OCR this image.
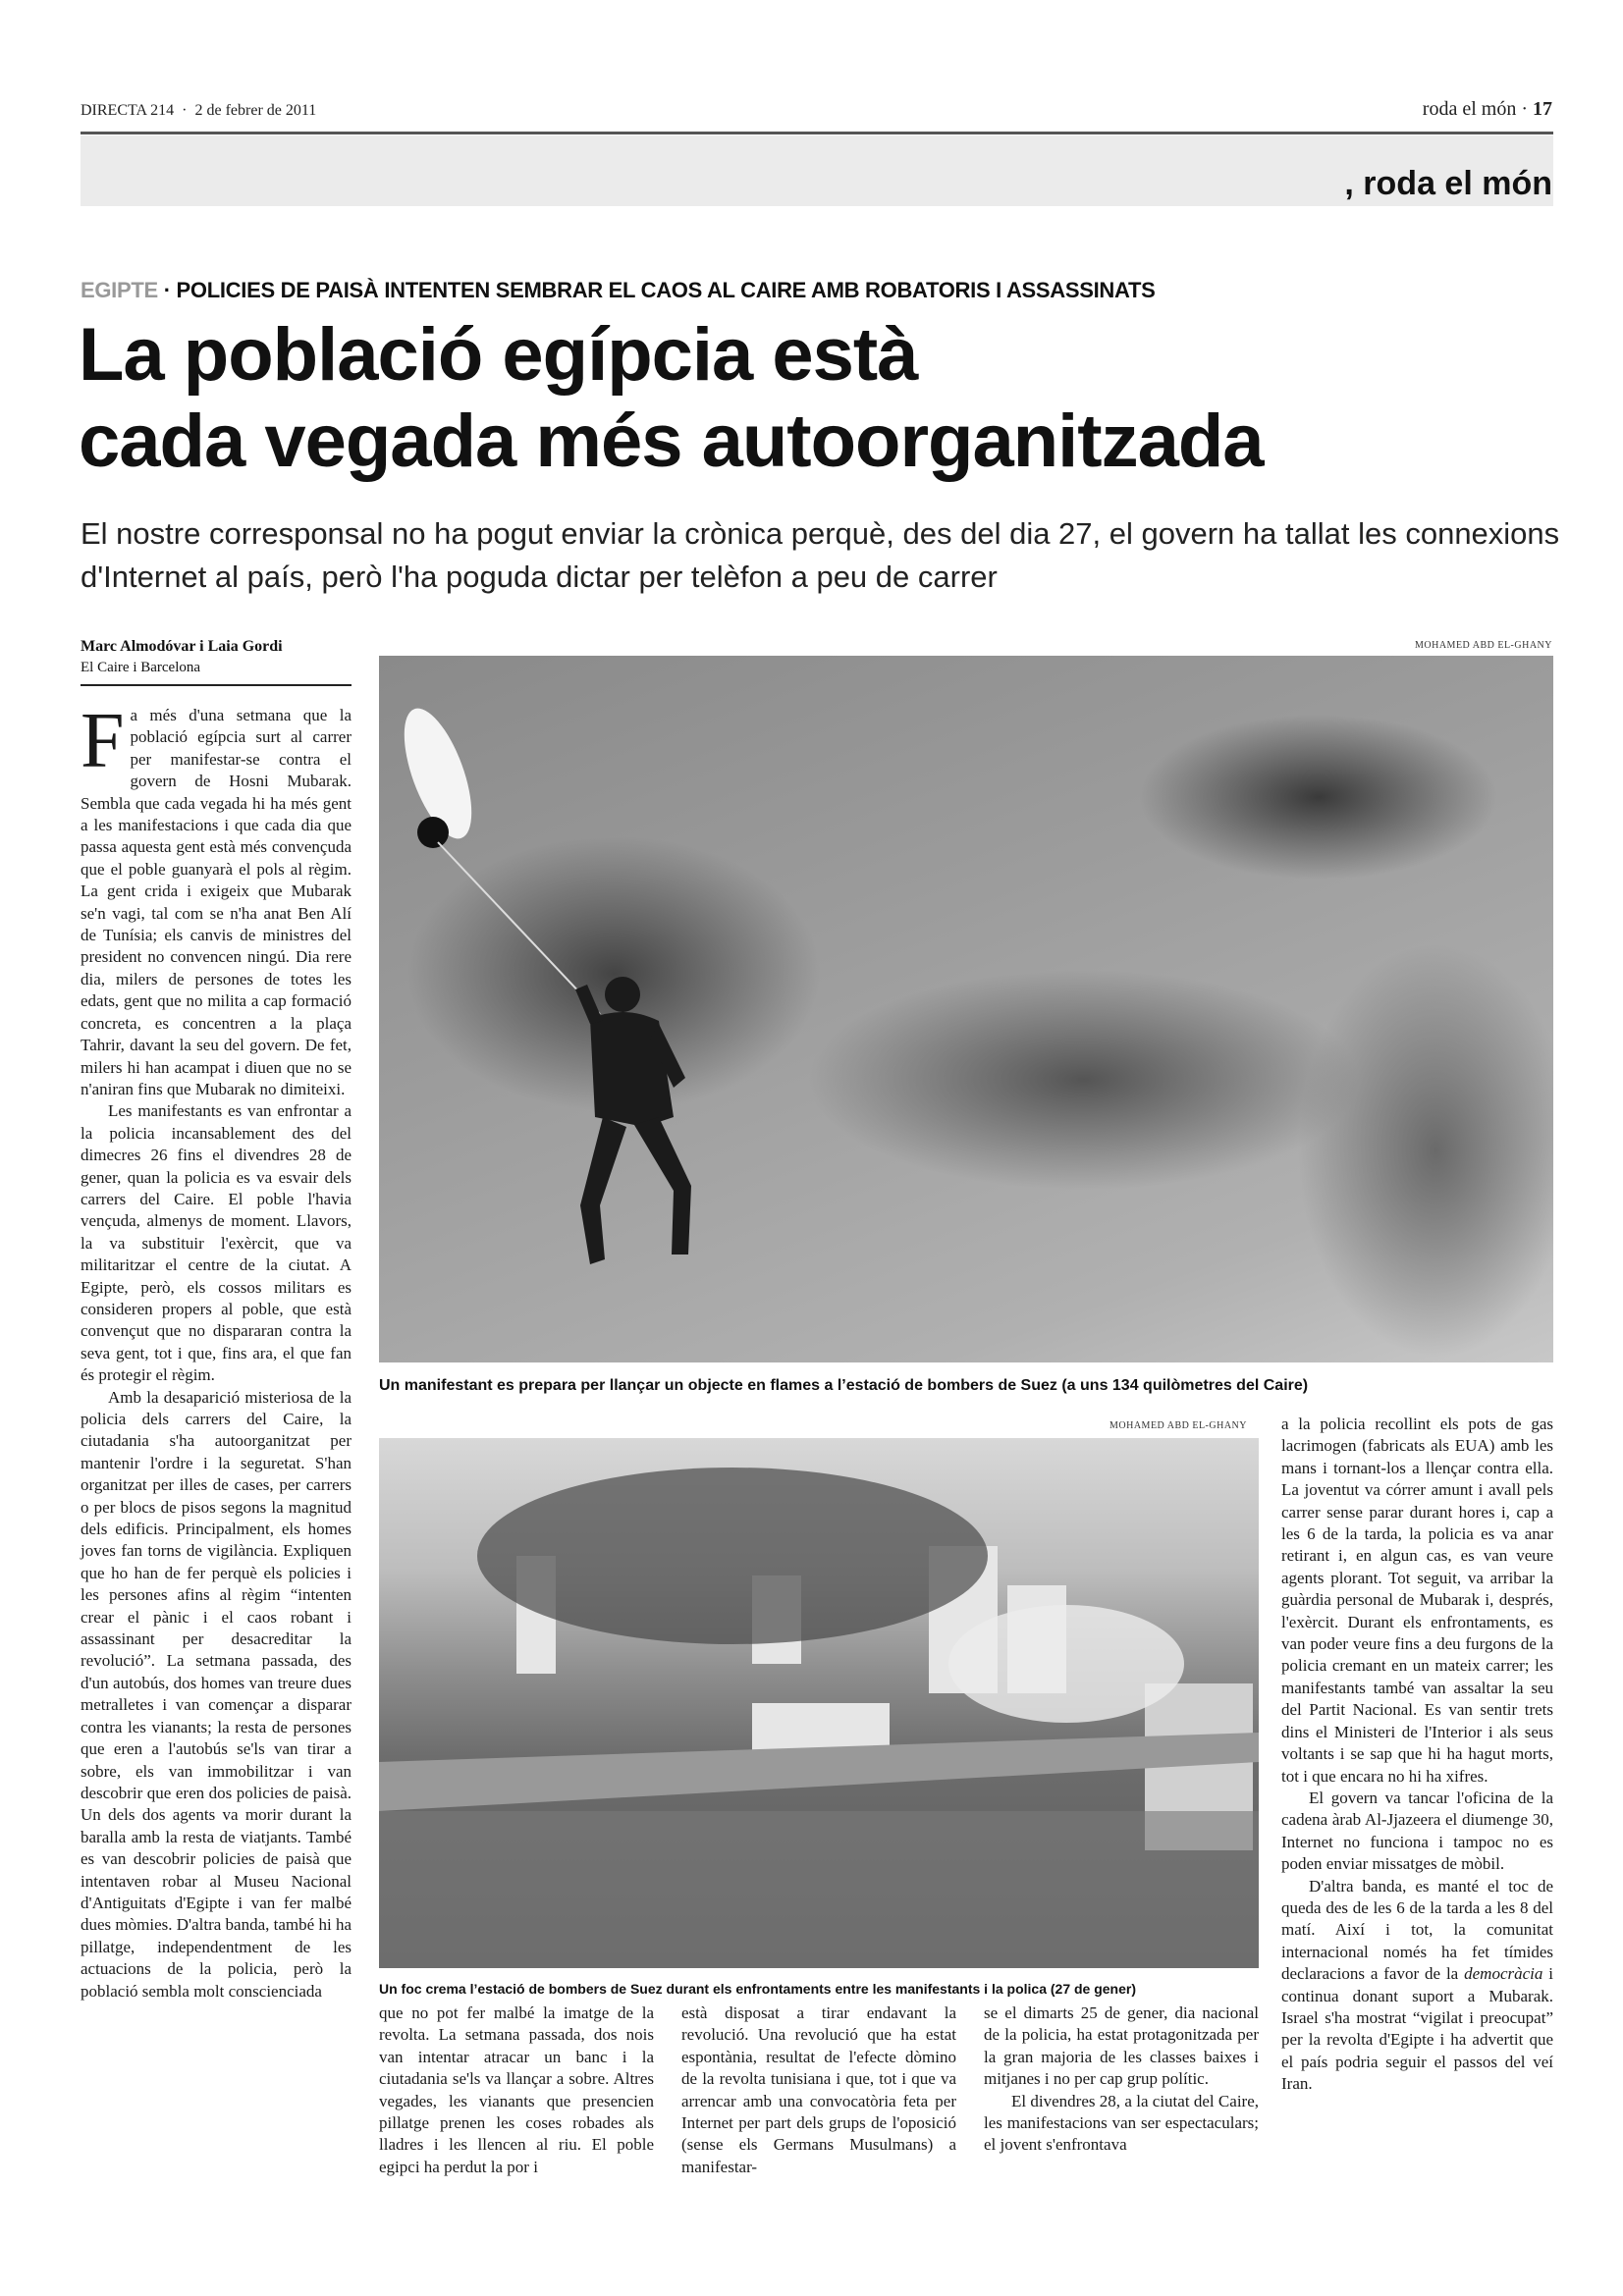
DIRECTA 214 · 2 de febrer de 2011	roda el món · 17
, roda el món
EGIPTE · POLICIES DE PAISÀ INTENTEN SEMBRAR EL CAOS AL CAIRE AMB ROBATORIS I ASSASSINATS
La població egípcia està
cada vegada més autoorganitzada
El nostre corresponsal no ha pogut enviar la crònica perquè, des del dia 27, el govern ha tallat les connexions d'Internet al país, però l'ha poguda dictar per telèfon a peu de carrer
Marc Almodóvar i Laia Gordi
El Caire i Barcelona
MOHAMED ABD EL-GHANY
Un manifestant es prepara per llançar un objecte en flames a l’estació de bombers de Suez (a uns 134 quilòmetres del Caire)
MOHAMED ABD EL-GHANY
Un foc crema l’estació de bombers de Suez durant els enfrontaments entre les manifestants i la polica (27 de gener)

Fa més d'una setmana que la població egípcia surt al carrer per manifestar-se contra el govern de Hosni Mubarak. Sembla que cada vegada hi ha més gent a les manifestacions i que cada dia que passa aquesta gent està més convençuda que el poble guanyarà el pols al règim. La gent crida i exigeix que Mubarak se'n vagi, tal com se n'ha anat Ben Alí de Tunísia; els canvis de ministres del president no convencen ningú. Dia rere dia, milers de persones de totes les edats, gent que no milita a cap formació concreta, es concentren a la plaça Tahrir, davant la seu del govern. De fet, milers hi han acampat i diuen que no se n'aniran fins que Mubarak no dimiteixi.

Les manifestants es van enfrontar a la policia incansablement des del dimecres 26 fins el divendres 28 de gener, quan la policia es va esvair dels carrers del Caire. El poble l'havia vençuda, almenys de moment. Llavors, la va substituir l'exèrcit, que va militaritzar el centre de la ciutat. A Egipte, però, els cossos militars es consideren propers al poble, que està convençut que no dispararan contra la seva gent, tot i que, fins ara, el que fan és protegir el règim.

Amb la desaparició misteriosa de la policia dels carrers del Caire, la ciutadania s'ha autoorganitzat per mantenir l'ordre i la seguretat. S'han organitzat per illes de cases, per carrers o per blocs de pisos segons la magnitud dels edificis. Principalment, els homes joves fan torns de vigilància. Expliquen que ho han de fer perquè els policies i les persones afins al règim “intenten crear el pànic i el caos robant i assassinant per desacreditar la revolució”. La setmana passada, des d'un autobús, dos homes van treure dues metralletes i van començar a disparar contra les vianants; la resta de persones que eren a l'autobús se'ls van tirar a sobre, els van immobilitzar i van descobrir que eren dos policies de paisà. Un dels dos agents va morir durant la baralla amb la resta de viatjants. També es van descobrir policies de paisà que intentaven robar al Museu Nacional d'Antiguitats d'Egipte i van fer malbé dues mòmies. D'altra banda, també hi ha pillatge, independentment de les actuacions de la policia, però la població sembla molt conscienciada

que no pot fer malbé la imatge de la revolta. La setmana passada, dos nois van intentar atracar un banc i la ciutadania se'ls va llançar a sobre. Altres vegades, les vianants que presencien pillatge prenen les coses robades als lladres i les llencen al riu. El poble egipci ha perdut la por i

està disposat a tirar endavant la revolució. Una revolució que ha estat espontània, resultat de l'efecte dòmino de la revolta tunisiana i que, tot i que va arrencar amb una convocatòria feta per Internet per part dels grups de l'oposició (sense els Germans Musulmans) a manifestar-

se el dimarts 25 de gener, dia nacional de la policia, ha estat protagonitzada per la gran majoria de les classes baixes i mitjanes i no per cap grup polític.

El divendres 28, a la ciutat del Caire, les manifestacions van ser espectaculars; el jovent s'enfrontava

a la policia recollint els pots de gas lacrimogen (fabricats als EUA) amb les mans i tornant-los a llençar contra ella. La joventut va córrer amunt i avall pels carrer sense parar durant hores i, cap a les 6 de la tarda, la policia es va anar retirant i, en algun cas, es van veure agents plorant. Tot seguit, va arribar la guàrdia personal de Mubarak i, després, l'exèrcit. Durant els enfrontaments, es van poder veure fins a deu furgons de la policia cremant en un mateix carrer; les manifestants també van assaltar la seu del Partit Nacional. Es van sentir trets dins el Ministeri de l'Interior i als seus voltants i se sap que hi ha hagut morts, tot i que encara no hi ha xifres.

El govern va tancar l'oficina de la cadena àrab Al-Jjazeera el diumenge 30, Internet no funciona i tampoc no es poden enviar missatges de mòbil.

D'altra banda, es manté el toc de queda des de les 6 de la tarda a les 8 del matí. Així i tot, la comunitat internacional només ha fet tímides declaracions a favor de la democràcia i continua donant suport a Mubarak. Israel s'ha mostrat “vigilat i preocupat” per la revolta d'Egipte i ha advertit que el país podria seguir el passos del veí Iran.
